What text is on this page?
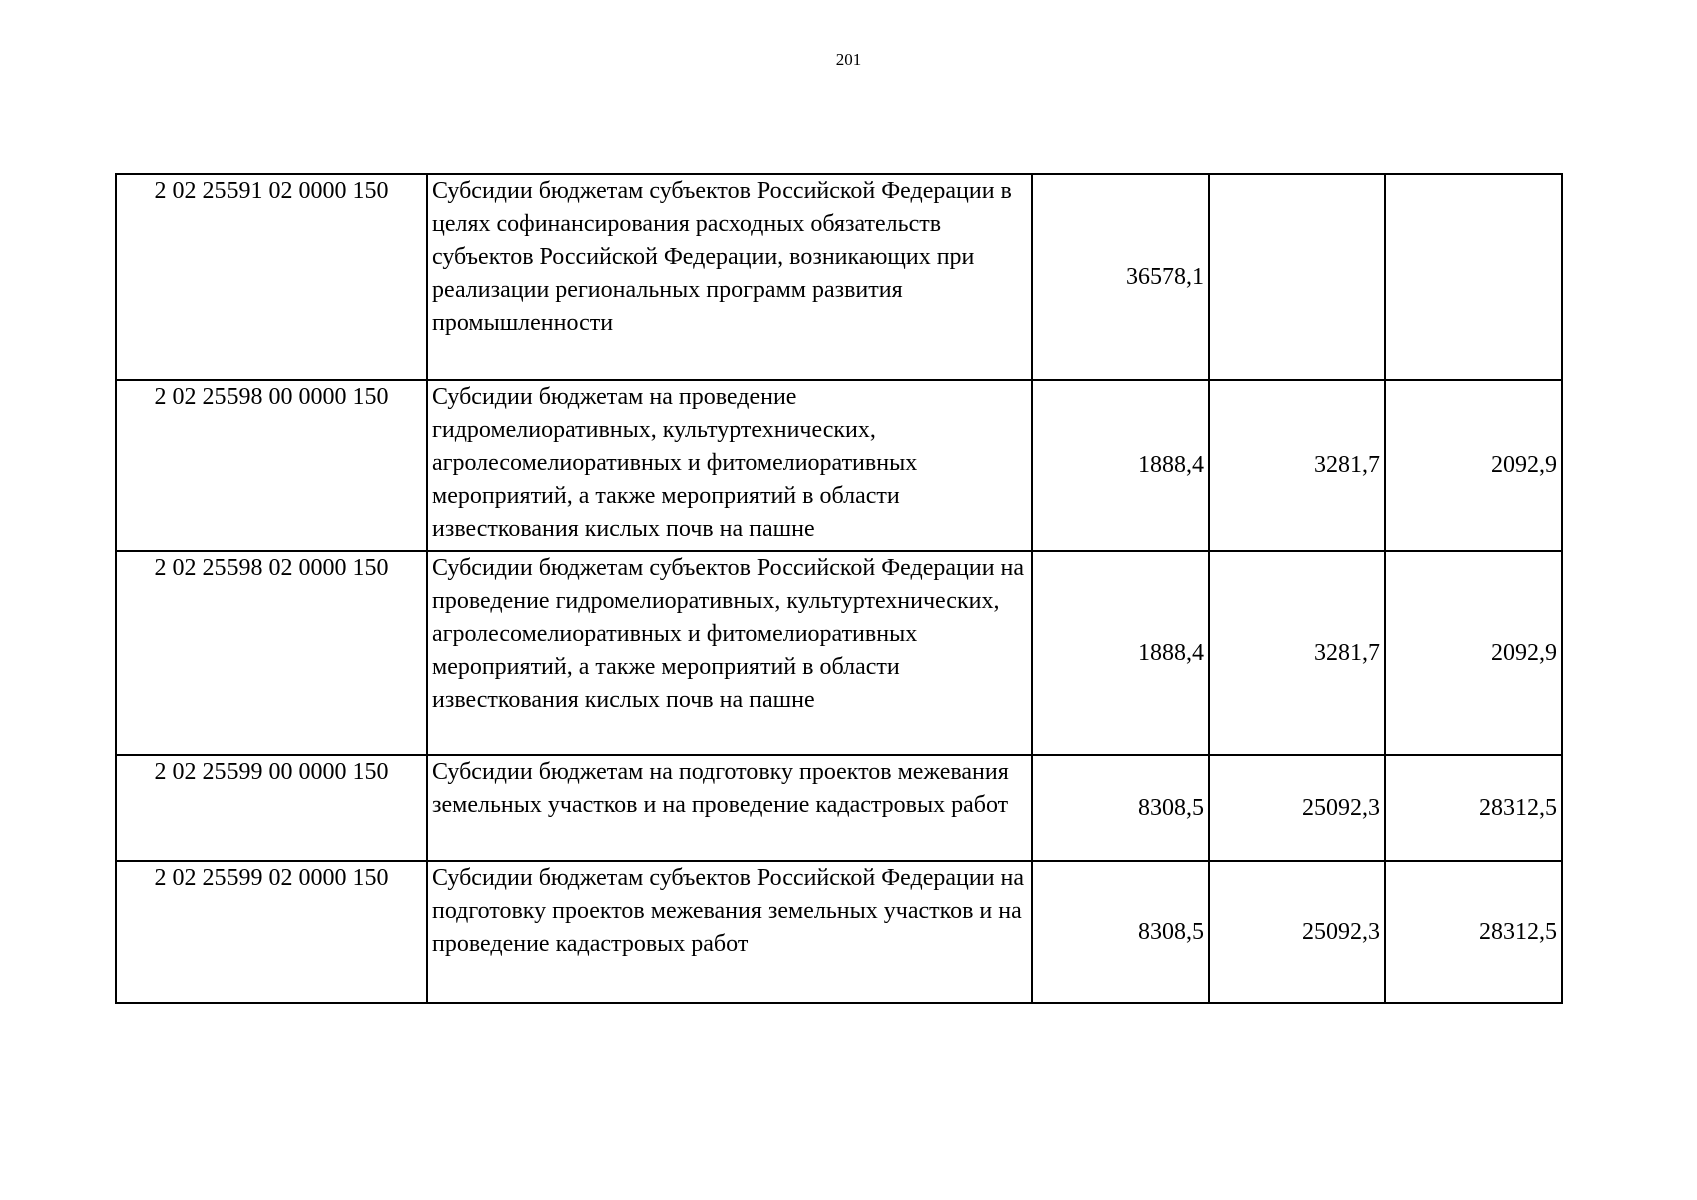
201
2 02 25591 02 0000 150	Субсидии бюджетам субъектов Российской Федерации в целях софинансирования расходных обязательств субъектов Российской Федерации, возникающих при реализации региональных программ развития промышленности	36578,1		
2 02 25598 00 0000 150	Субсидии бюджетам на проведение гидромелиоративных, культуртехнических, агролесомелиоративных и фитомелиоративных мероприятий, а также мероприятий в области известкования кислых почв на пашне	1888,4	3281,7	2092,9
2 02 25598 02 0000 150	Субсидии бюджетам субъектов Российской Федерации на проведение гидромелиоративных, культуртехнических, агролесомелиоративных и фитомелиоративных мероприятий, а также мероприятий в области известкования кислых почв на пашне	1888,4	3281,7	2092,9
2 02 25599 00 0000 150	Субсидии бюджетам на подготовку проектов межевания земельных участков и на проведение кадастровых работ	8308,5	25092,3	28312,5
2 02 25599 02 0000 150	Субсидии бюджетам субъектов Российской Федерации на подготовку проектов межевания земельных участков и на проведение кадастровых работ	8308,5	25092,3	28312,5
